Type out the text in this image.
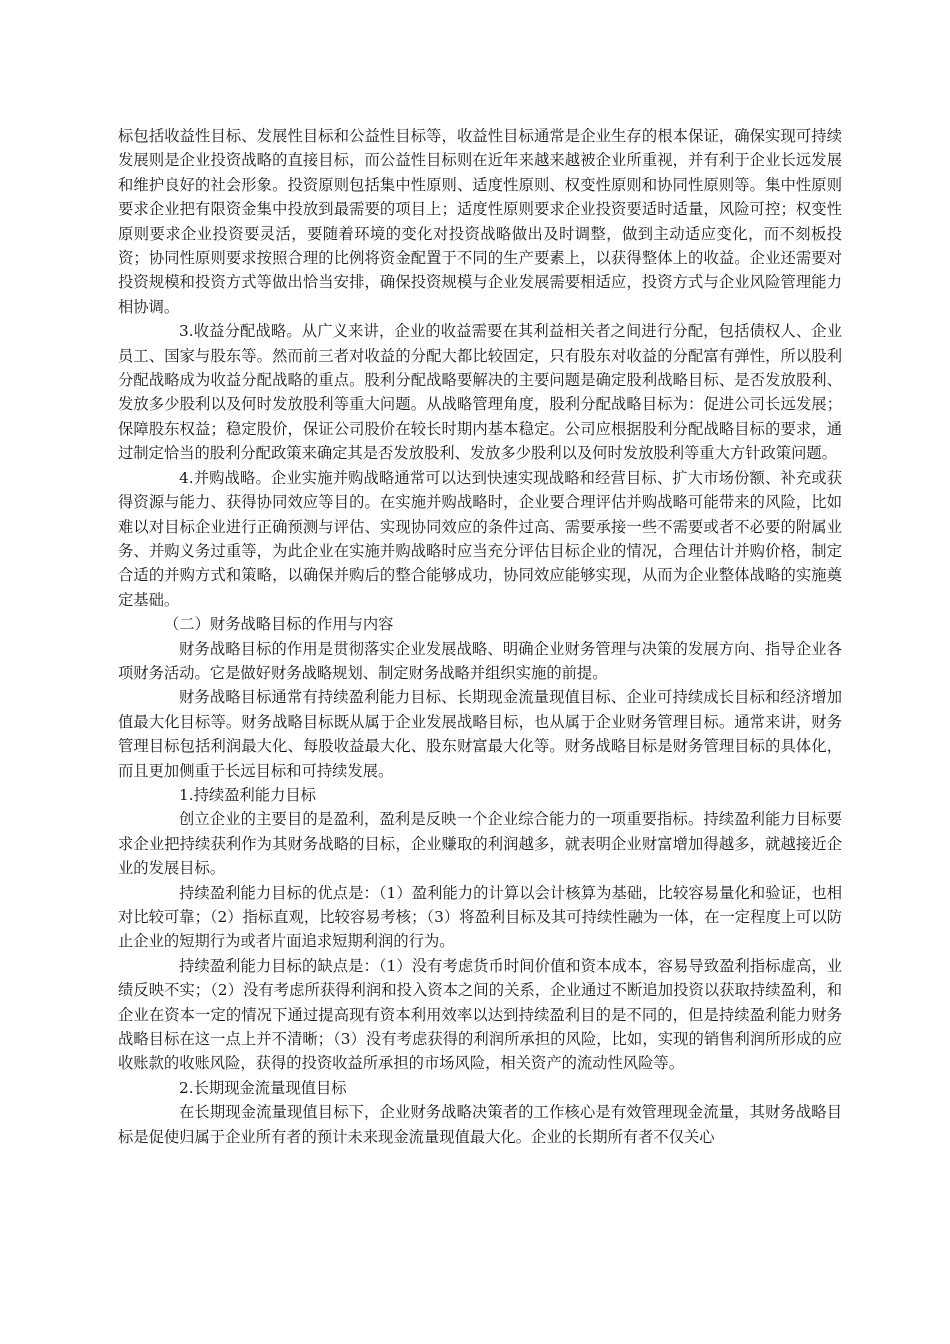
标包括收益性目标、发展性目标和公益性目标等，收益性目标通常是企业生存的根本保证，确保实现可持续发展则是企业投资战略的直接目标，而公益性目标则在近年来越来越被企业所重视，并有利于企业长远发展和维护良好的社会形象。投资原则包括集中性原则、适度性原则、权变性原则和协同性原则等。集中性原则要求企业把有限资金集中投放到最需要的项目上；适度性原则要求企业投资要适时适量，风险可控；权变性原则要求企业投资要灵活，要随着环境的变化对投资战略做出及时调整，做到主动适应变化，而不刻板投资；协同性原则要求按照合理的比例将资金配置于不同的生产要素上，以获得整体上的收益。企业还需要对投资规模和投资方式等做出恰当安排，确保投资规模与企业发展需要相适应，投资方式与企业风险管理能力相协调。

3.收益分配战略。从广义来讲，企业的收益需要在其利益相关者之间进行分配，包括债权人、企业员工、国家与股东等。然而前三者对收益的分配大都比较固定，只有股东对收益的分配富有弹性，所以股利分配战略成为收益分配战略的重点。股利分配战略要解决的主要问题是确定股利战略目标、是否发放股利、发放多少股利以及何时发放股利等重大问题。从战略管理角度，股利分配战略目标为：促进公司长远发展；保障股东权益；稳定股价，保证公司股价在较长时期内基本稳定。公司应根据股利分配战略目标的要求，通过制定恰当的股利分配政策来确定其是否发放股利、发放多少股利以及何时发放股利等重大方针政策问题。

4.并购战略。企业实施并购战略通常可以达到快速实现战略和经营目标、扩大市场份额、补充或获得资源与能力、获得协同效应等目的。在实施并购战略时，企业要合理评估并购战略可能带来的风险，比如难以对目标企业进行正确预测与评估、实现协同效应的条件过高、需要承接一些不需要或者不必要的附属业务、并购义务过重等，为此企业在实施并购战略时应当充分评估目标企业的情况，合理估计并购价格，制定合适的并购方式和策略，以确保并购后的整合能够成功，协同效应能够实现，从而为企业整体战略的实施奠定基础。

（二）财务战略目标的作用与内容

财务战略目标的作用是贯彻落实企业发展战略、明确企业财务管理与决策的发展方向、指导企业各项财务活动。它是做好财务战略规划、制定财务战略并组织实施的前提。

财务战略目标通常有持续盈利能力目标、长期现金流量现值目标、企业可持续成长目标和经济增加值最大化目标等。财务战略目标既从属于企业发展战略目标，也从属于企业财务管理目标。通常来讲，财务管理目标包括利润最大化、每股收益最大化、股东财富最大化等。财务战略目标是财务管理目标的具体化，而且更加侧重于长远目标和可持续发展。

1.持续盈利能力目标

创立企业的主要目的是盈利，盈利是反映一个企业综合能力的一项重要指标。持续盈利能力目标要求企业把持续获利作为其财务战略的目标，企业赚取的利润越多，就表明企业财富增加得越多，就越接近企业的发展目标。

持续盈利能力目标的优点是：（1）盈利能力的计算以会计核算为基础，比较容易量化和验证，也相对比较可靠；（2）指标直观，比较容易考核；（3）将盈利目标及其可持续性融为一体，在一定程度上可以防止企业的短期行为或者片面追求短期利润的行为。

持续盈利能力目标的缺点是：（1）没有考虑货币时间价值和资本成本，容易导致盈利指标虚高，业绩反映不实；（2）没有考虑所获得利润和投入资本之间的关系，企业通过不断追加投资以获取持续盈利，和企业在资本一定的情况下通过提高现有资本利用效率以达到持续盈利目的是不同的，但是持续盈利能力财务战略目标在这一点上并不清晰；（3）没有考虑获得的利润所承担的风险，比如，实现的销售利润所形成的应收账款的收账风险，获得的投资收益所承担的市场风险，相关资产的流动性风险等。

2.长期现金流量现值目标

在长期现金流量现值目标下，企业财务战略决策者的工作核心是有效管理现金流量，其财务战略目标是促使归属于企业所有者的预计未来现金流量现值最大化。企业的长期所有者不仅关心
